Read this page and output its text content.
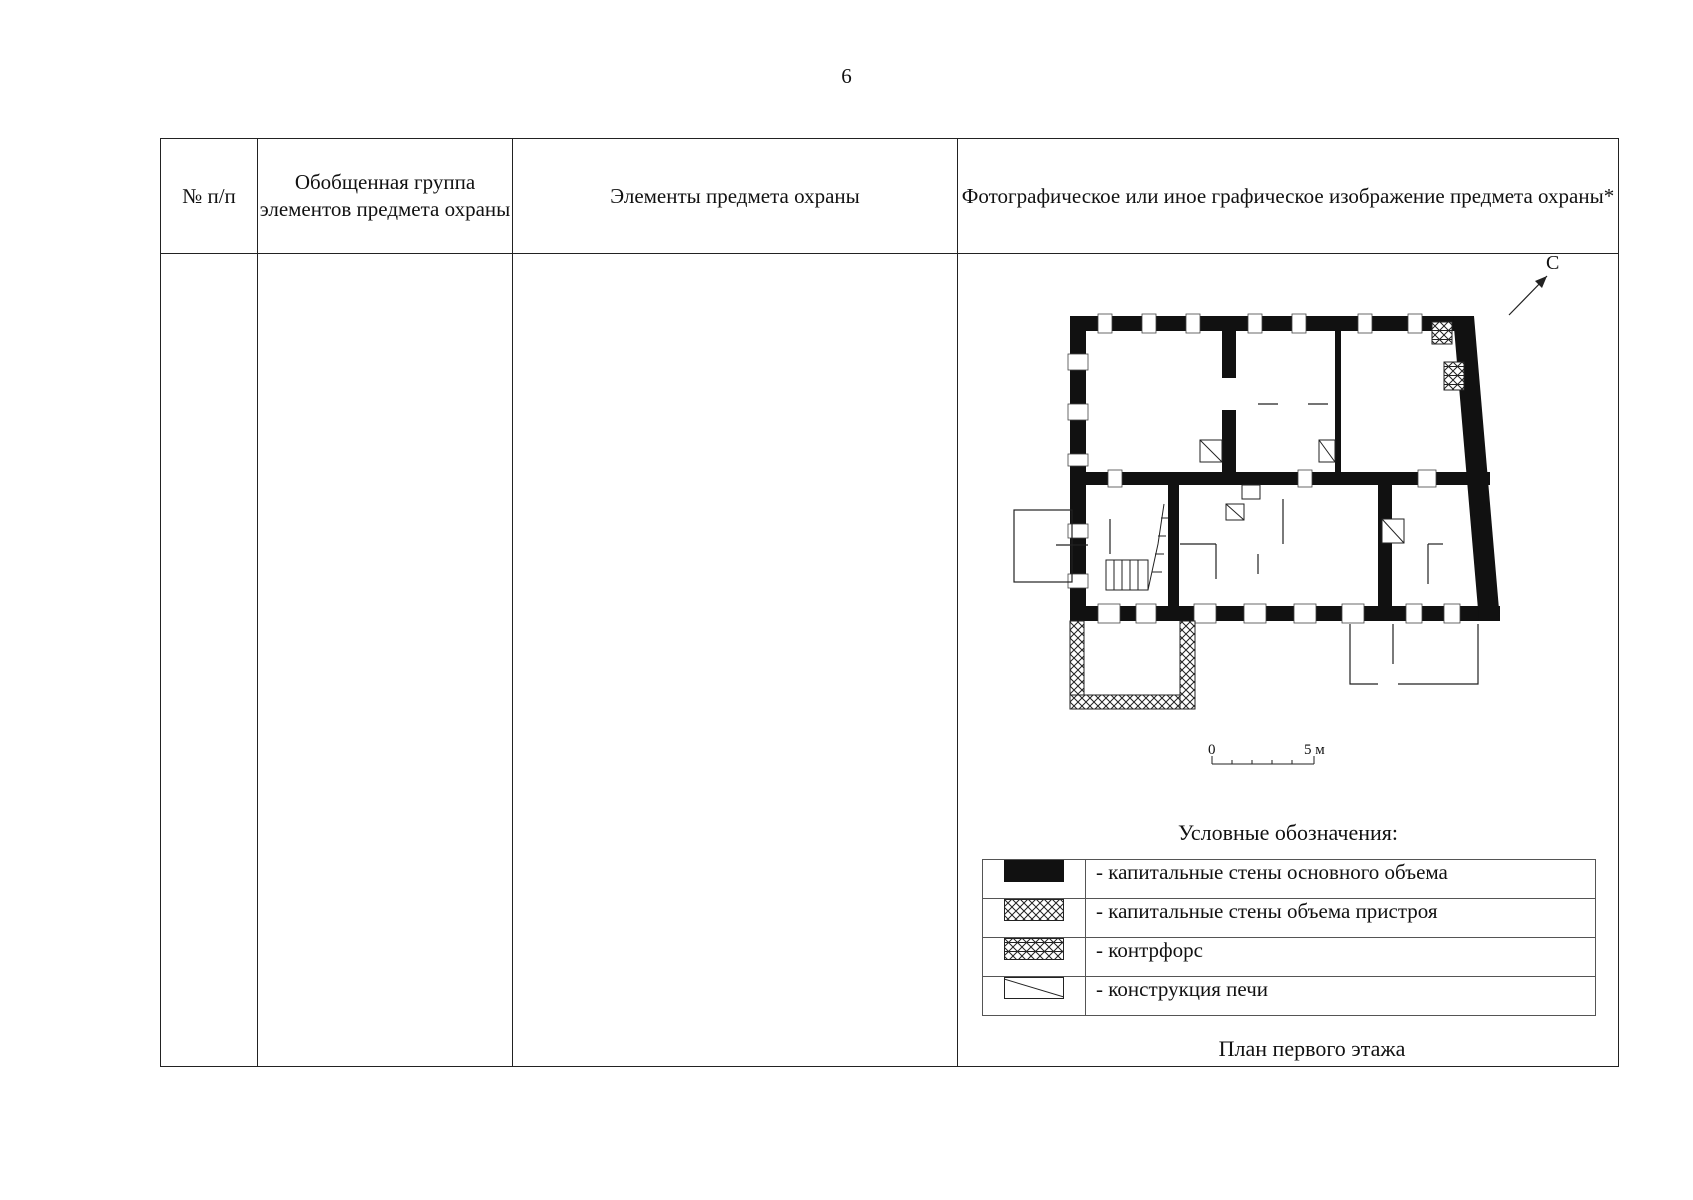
6
№ п/п	Обобщенная группа элементов предмета охраны	Элементы предмета охраны	Фотографическое или иное графическое изображение предмета охраны*

С
Условные обозначения:
	- капитальные стены основного объема
	- капитальные стены объема пристроя
	- контрфорс
	- конструкция печи
План первого этажа
0	5 м
